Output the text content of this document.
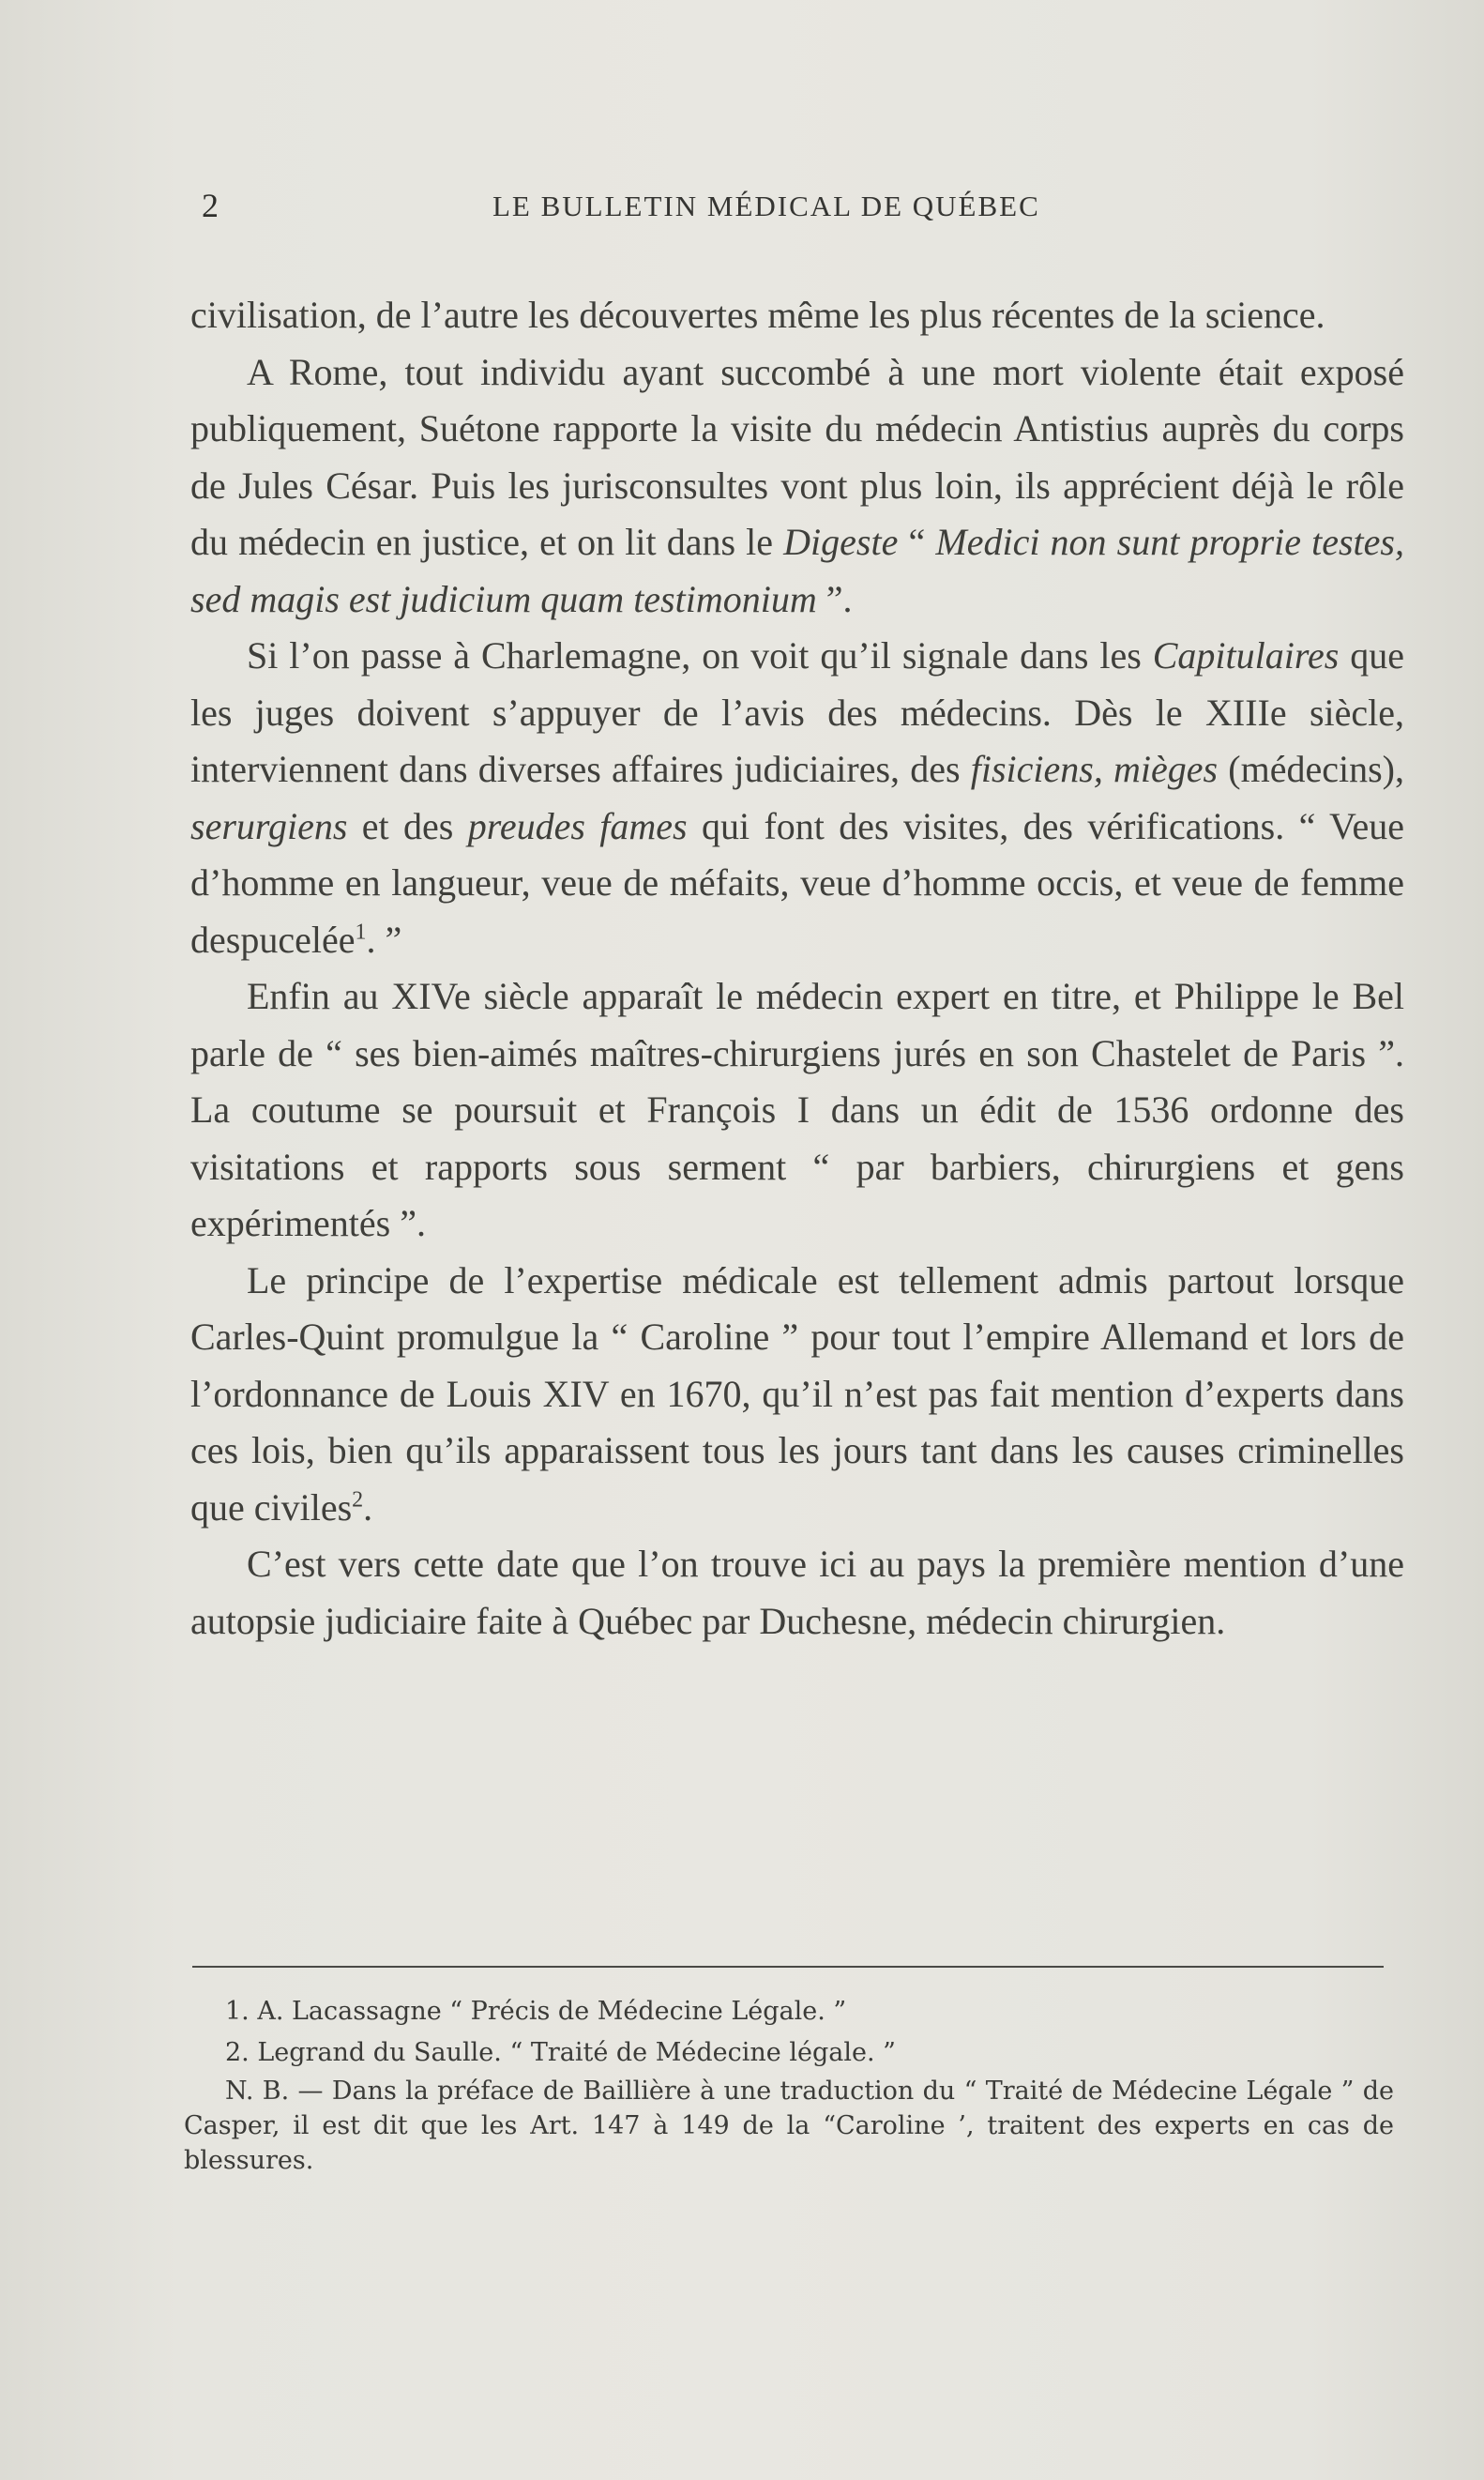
2	LE BULLETIN MÉDICAL DE QUÉBEC

civilisation, de l’autre les découvertes même les plus récentes de la science.

A Rome, tout individu ayant succombé à une mort violente était exposé publiquement, Suétone rapporte la visite du médecin Antistius auprès du corps de Jules César. Puis les jurisconsultes vont plus loin, ils apprécient déjà le rôle du médecin en justice, et on lit dans le Digeste “ Medici non sunt proprie testes, sed magis est judicium quam testimonium ”.

Si l’on passe à Charlemagne, on voit qu’il signale dans les Capitulaires que les juges doivent s’appuyer de l’avis des médecins. Dès le XIIIe siècle, interviennent dans diverses affaires judiciaires, des fisiciens, mièges (médecins), serurgiens et des preudes fames qui font des visites, des vérifications. “ Veue d’homme en langueur, veue de méfaits, veue d’homme occis, et veue de femme despucelée$^1$. ”

Enfin au XIVe siècle apparaît le médecin expert en titre, et Philippe le Bel parle de “ ses bien-aimés maîtres-chirurgiens jurés en son Chastelet de Paris ”. La coutume se poursuit et François I dans un édit de 1536 ordonne des visitations et rapports sous serment “ par barbiers, chirurgiens et gens expérimentés ”.

Le principe de l’expertise médicale est tellement admis partout lorsque Carles-Quint promulgue la “ Caroline ” pour tout l’empire Allemand et lors de l’ordonnance de Louis XIV en 1670, qu’il n’est pas fait mention d’experts dans ces lois, bien qu’ils apparaissent tous les jours tant dans les causes criminelles que civiles$^2$.

C’est vers cette date que l’on trouve ici au pays la première mention d’une autopsie judiciaire faite à Québec par Duchesne, médecin chirurgien.

1. A. Lacassagne “ Précis de Médecine Légale. ”

2. Legrand du Saulle. “ Traité de Médecine légale. ”

N. B. — Dans la préface de Baillière à une traduction du “ Traité de Médecine Légale ” de Casper, il est dit que les Art. 147 à 149 de la “Caroline ’, traitent des experts en cas de blessures.
